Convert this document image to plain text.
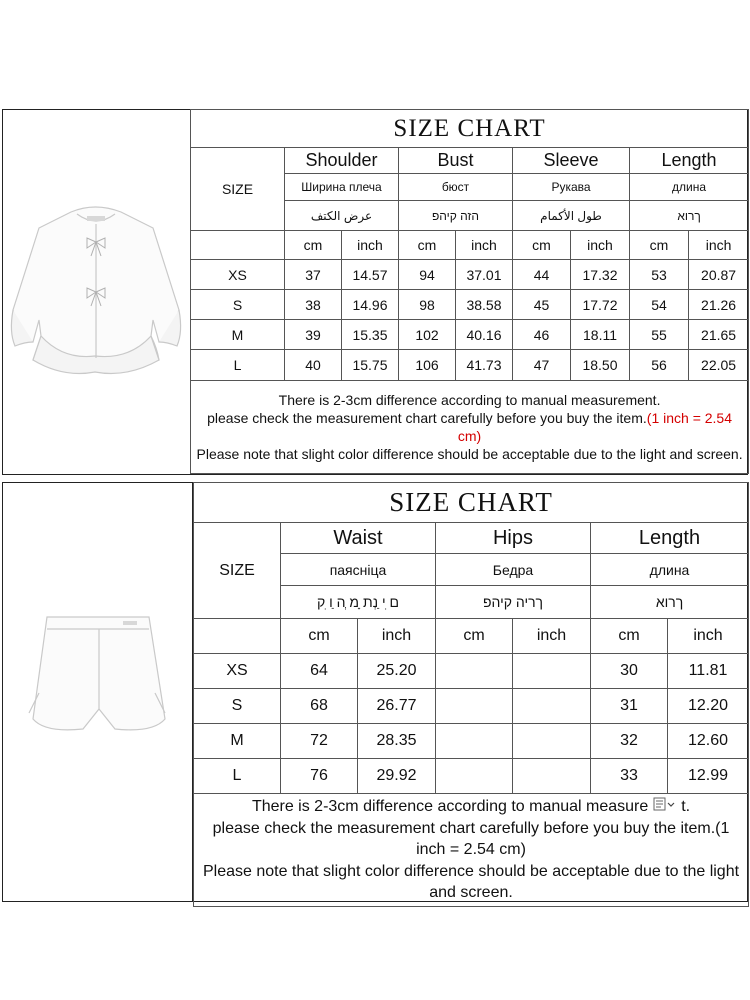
SIZE CHART								
SIZE	Shoulder		Bust		Sleeve		Length	
	Ширина плеча		бюст		Рукава		длина	
	عرض الكتف		הזה קיהפ		طول الأكمام		ךרוא	
	cm	inch	cm	inch	cm	inch	cm	inch
XS	37	14.57	94	37.01	44	17.32	53	20.87
S	38	14.96	98	38.58	45	17.72	54	21.26
M	39	15.35	102	40.16	46	18.11	55	21.65
L	40	15.75	106	41.73	47	18.50	56	22.05

There is 2-3cm difference according to manual measurement.
please check the measurement chart carefully before you buy the item.(1 inch = 2.54 cm)
Please note that slight color difference should be acceptable due to the light and screen.								
SIZE CHART						
SIZE	Waist		Hips		Length	
	паясніца		Бедра		длина	
	ם ִי ַנְת ָמ ְה ַו ִק		ךריה קיהפ		ךרוא	
	cm	inch	cm	inch	cm	inch
XS	64	25.20			30	11.81
S	68	26.77			31	12.20
M	72	28.35			32	12.60
L	76	29.92			33	12.99

There is 2-3cm difference according to manual measure t.
please check the measurement chart carefully before you buy the item.(1 inch = 2.54 cm)
Please note that slight color difference should be acceptable due to the light and screen.						
